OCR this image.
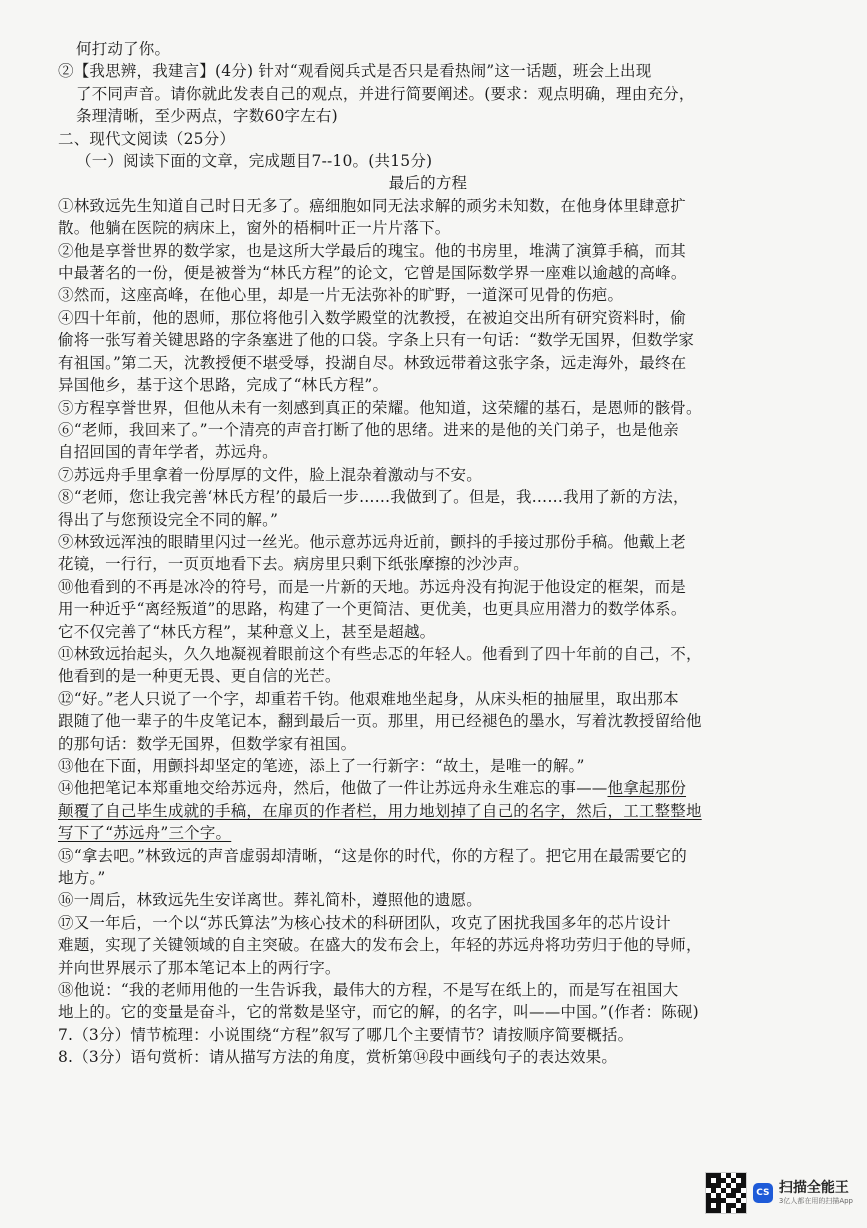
何打动了你。
②【我思辨，我建言】(4分) 针对“观看阅兵式是否只是看热闹”这一话题，班会上出现
了不同声音。请你就此发表自己的观点，并进行简要阐述。(要求：观点明确，理由充分，
条理清晰，至少两点，字数60字左右)
二、现代文阅读（25分）
（一）阅读下面的文章，完成题目7--10。(共15分)
最后的方程
①林致远先生知道自己时日无多了。癌细胞如同无法求解的顽劣未知数，在他身体里肆意扩
散。他躺在医院的病床上，窗外的梧桐叶正一片片落下。
②他是享誉世界的数学家，也是这所大学最后的瑰宝。他的书房里，堆满了演算手稿，而其
中最著名的一份，便是被誉为“林氏方程”的论文，它曾是国际数学界一座难以逾越的高峰。
③然而，这座高峰，在他心里，却是一片无法弥补的旷野，一道深可见骨的伤疤。
④四十年前，他的恩师，那位将他引入数学殿堂的沈教授，在被迫交出所有研究资料时，偷
偷将一张写着关键思路的字条塞进了他的口袋。字条上只有一句话：“数学无国界，但数学家
有祖国。”第二天，沈教授便不堪受辱，投湖自尽。林致远带着这张字条，远走海外，最终在
异国他乡，基于这个思路，完成了“林氏方程”。
⑤方程享誉世界，但他从未有一刻感到真正的荣耀。他知道，这荣耀的基石，是恩师的骸骨。
⑥“老师，我回来了。”一个清亮的声音打断了他的思绪。进来的是他的关门弟子，也是他亲
自招回国的青年学者，苏远舟。
⑦苏远舟手里拿着一份厚厚的文件，脸上混杂着激动与不安。
⑧“老师，您让我完善‘林氏方程’的最后一步……我做到了。但是，我……我用了新的方法，
得出了与您预设完全不同的解。”
⑨林致远浑浊的眼睛里闪过一丝光。他示意苏远舟近前，颤抖的手接过那份手稿。他戴上老
花镜，一行行，一页页地看下去。病房里只剩下纸张摩擦的沙沙声。
⑩他看到的不再是冰冷的符号，而是一片新的天地。苏远舟没有拘泥于他设定的框架，而是
用一种近乎“离经叛道”的思路，构建了一个更简洁、更优美，也更具应用潜力的数学体系。
它不仅完善了“林氏方程”，某种意义上，甚至是超越。
⑪林致远抬起头，久久地凝视着眼前这个有些忐忑的年轻人。他看到了四十年前的自己，不，
他看到的是一种更无畏、更自信的光芒。
⑫“好。”老人只说了一个字，却重若千钧。他艰难地坐起身，从床头柜的抽屉里，取出那本
跟随了他一辈子的牛皮笔记本，翻到最后一页。那里，用已经褪色的墨水，写着沈教授留给他
的那句话：数学无国界，但数学家有祖国。
⑬他在下面，用颤抖却坚定的笔迹，添上了一行新字：“故土，是唯一的解。”
⑭他把笔记本郑重地交给苏远舟，然后，他做了一件让苏远舟永生难忘的事——他拿起那份
颠覆了自己毕生成就的手稿，在扉页的作者栏，用力地划掉了自己的名字，然后，工工整整地
写下了“苏远舟”三个字。
⑮“拿去吧。”林致远的声音虚弱却清晰，“这是你的时代，你的方程了。把它用在最需要它的
地方。”
⑯一周后，林致远先生安详离世。葬礼简朴，遵照他的遗愿。
⑰又一年后，一个以“苏氏算法”为核心技术的科研团队，攻克了困扰我国多年的芯片设计
难题，实现了关键领域的自主突破。在盛大的发布会上，年轻的苏远舟将功劳归于他的导师，
并向世界展示了那本笔记本上的两行字。
⑱他说：“我的老师用他的一生告诉我，最伟大的方程，不是写在纸上的，而是写在祖国大
地上的。它的变量是奋斗，它的常数是坚守，而它的解，的名字，叫——中国。”(作者：陈砚)
7.（3分）情节梳理：小说围绕“方程”叙写了哪几个主要情节？请按顺序简要概括。
8.（3分）语句赏析：请从描写方法的角度，赏析第⑭段中画线句子的表达效果。
CS 扫描全能王
3亿人都在用的扫描App
